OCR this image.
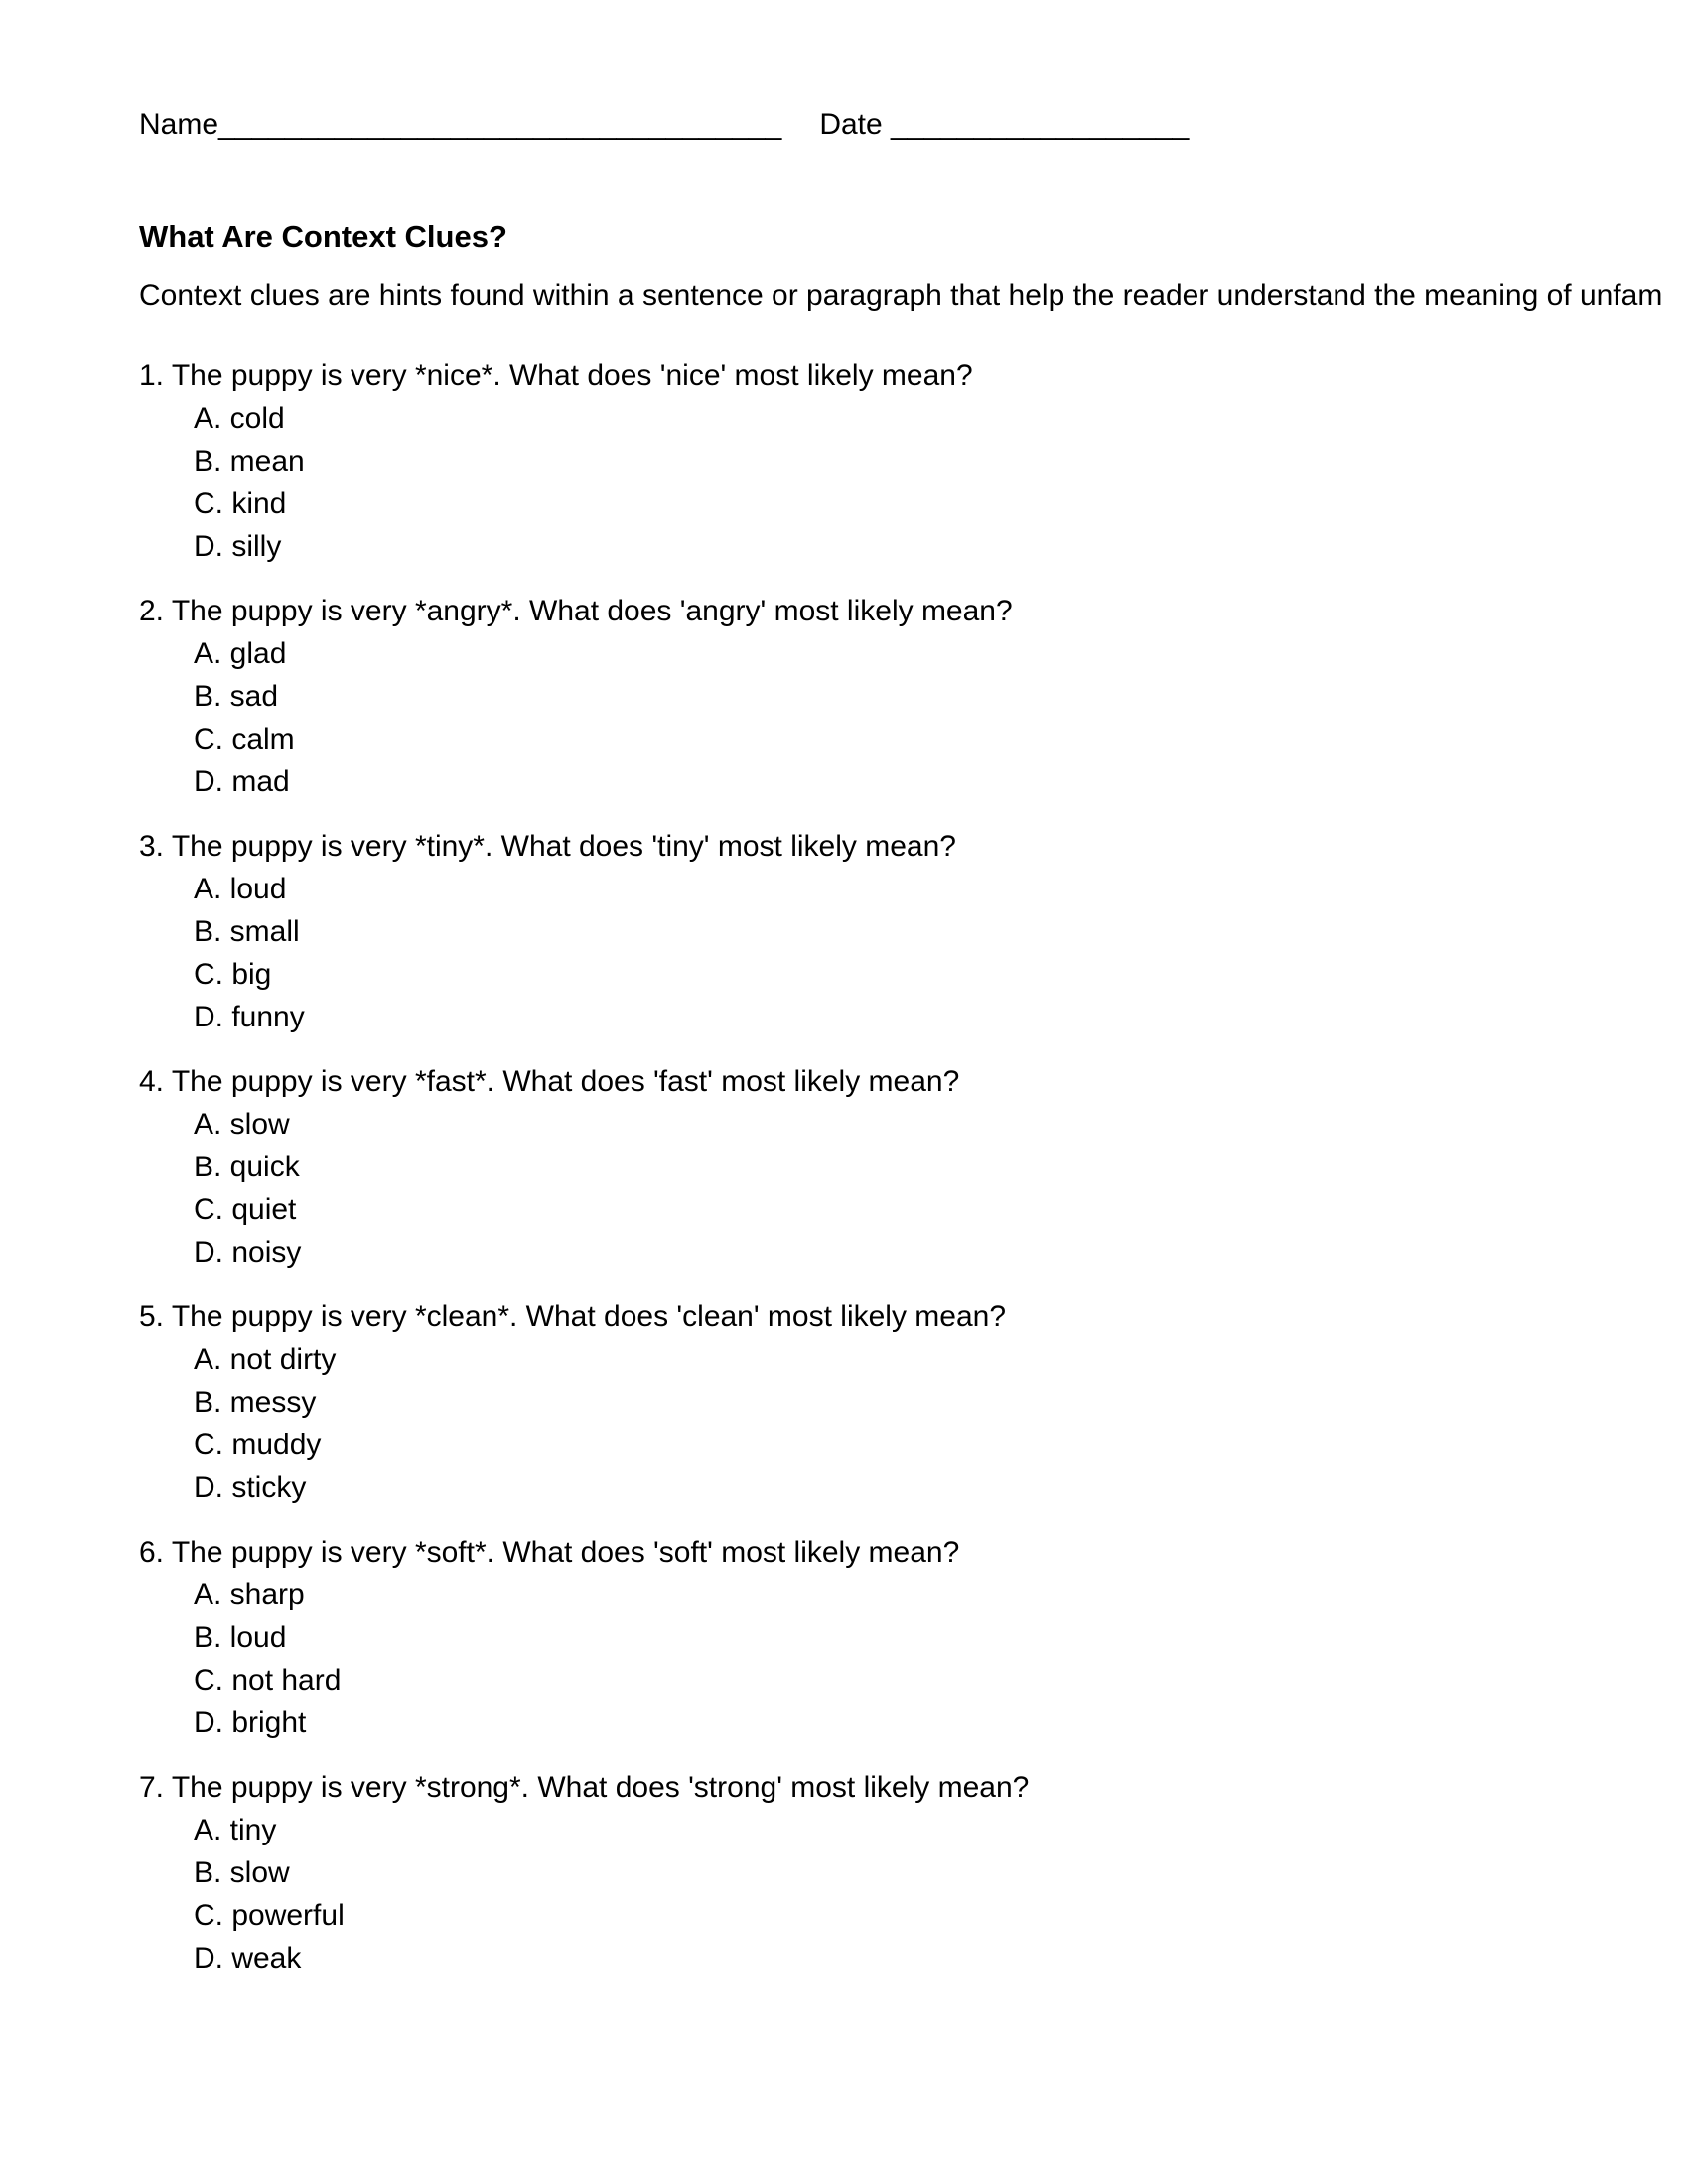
Name__________________________________ Date __________________
What Are Context Clues?
Context clues are hints found within a sentence or paragraph that help the reader understand the meaning of unfam
1. The puppy is very *nice*. What does 'nice' most likely mean?
A. cold
B. mean
C. kind
D. silly
2. The puppy is very *angry*. What does 'angry' most likely mean?
A. glad
B. sad
C. calm
D. mad
3. The puppy is very *tiny*. What does 'tiny' most likely mean?
A. loud
B. small
C. big
D. funny
4. The puppy is very *fast*. What does 'fast' most likely mean?
A. slow
B. quick
C. quiet
D. noisy
5. The puppy is very *clean*. What does 'clean' most likely mean?
A. not dirty
B. messy
C. muddy
D. sticky
6. The puppy is very *soft*. What does 'soft' most likely mean?
A. sharp
B. loud
C. not hard
D. bright
7. The puppy is very *strong*. What does 'strong' most likely mean?
A. tiny
B. slow
C. powerful
D. weak
